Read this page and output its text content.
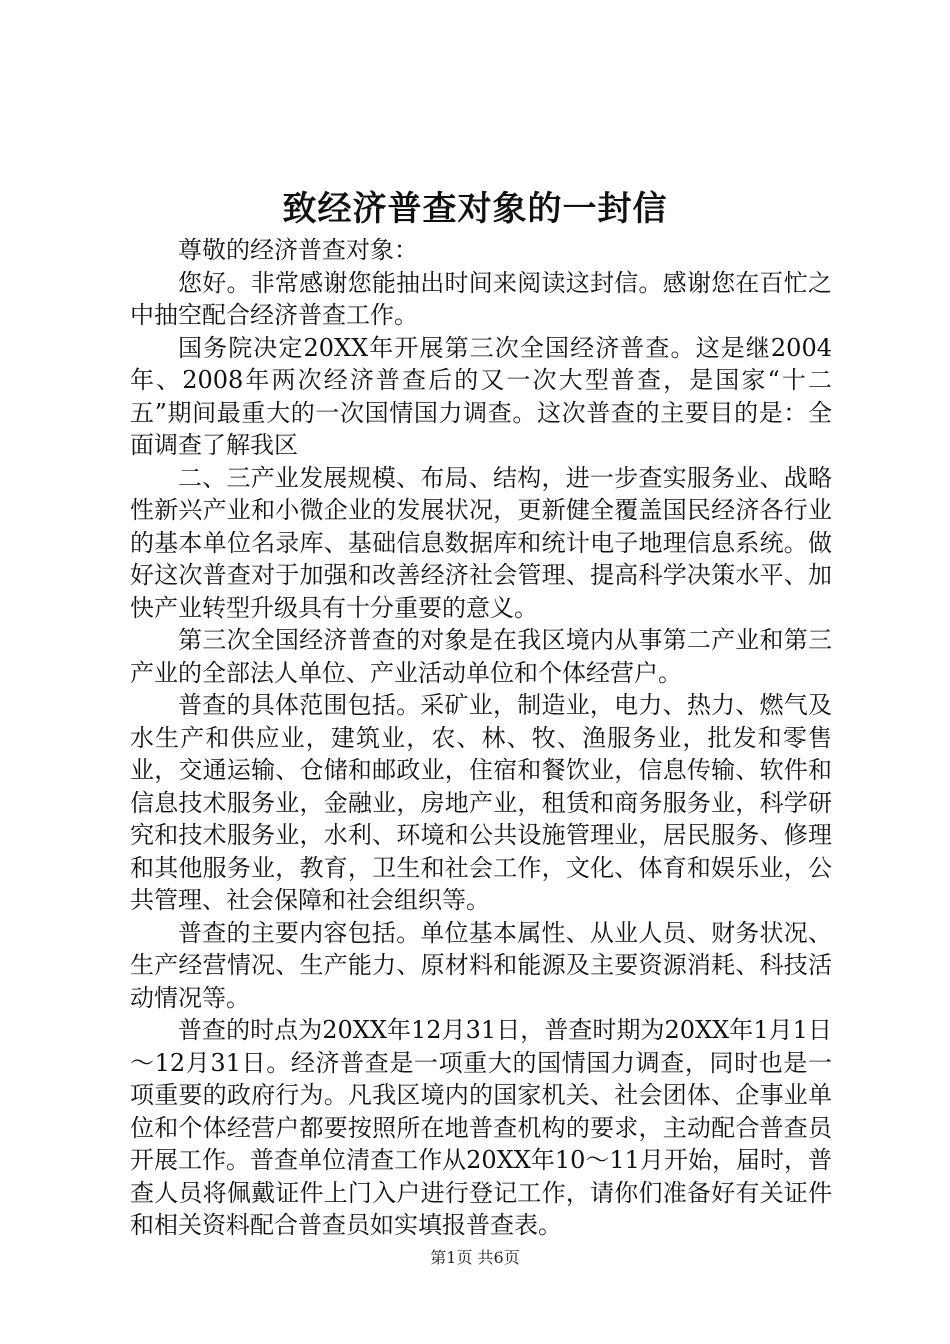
致经济普查对象的一封信

尊敬的经济普查对象：

您好。非常感谢您能抽出时间来阅读这封信。感谢您在百忙之中抽空配合经济普查工作。

国务院决定20XX年开展第三次全国经济普查。这是继2004年、2008年两次经济普查后的又一次大型普查，是国家“十二五”期间最重大的一次国情国力调查。这次普查的主要目的是：全面调查了解我区

二、三产业发展规模、布局、结构，进一步查实服务业、战略性新兴产业和小微企业的发展状况，更新健全覆盖国民经济各行业的基本单位名录库、基础信息数据库和统计电子地理信息系统。做好这次普查对于加强和改善经济社会管理、提高科学决策水平、加快产业转型升级具有十分重要的意义。

第三次全国经济普查的对象是在我区境内从事第二产业和第三产业的全部法人单位、产业活动单位和个体经营户。

普查的具体范围包括。采矿业，制造业，电力、热力、燃气及水生产和供应业，建筑业，农、林、牧、渔服务业，批发和零售业，交通运输、仓储和邮政业，住宿和餐饮业，信息传输、软件和信息技术服务业，金融业，房地产业，租赁和商务服务业，科学研究和技术服务业，水利、环境和公共设施管理业，居民服务、修理和其他服务业，教育，卫生和社会工作，文化、体育和娱乐业，公共管理、社会保障和社会组织等。

普查的主要内容包括。单位基本属性、从业人员、财务状况、生产经营情况、生产能力、原材料和能源及主要资源消耗、科技活动情况等。

普查的时点为20XX年12月31日，普查时期为20XX年1月1日～12月31日。经济普查是一项重大的国情国力调查，同时也是一项重要的政府行为。凡我区境内的国家机关、社会团体、企事业单位和个体经营户都要按照所在地普查机构的要求，主动配合普查员开展工作。普查单位清查工作从20XX年10～11月开始，届时，普查人员将佩戴证件上门入户进行登记工作，请你们准备好有关证件和相关资料配合普查员如实填报普查表。

第1页 共6页
